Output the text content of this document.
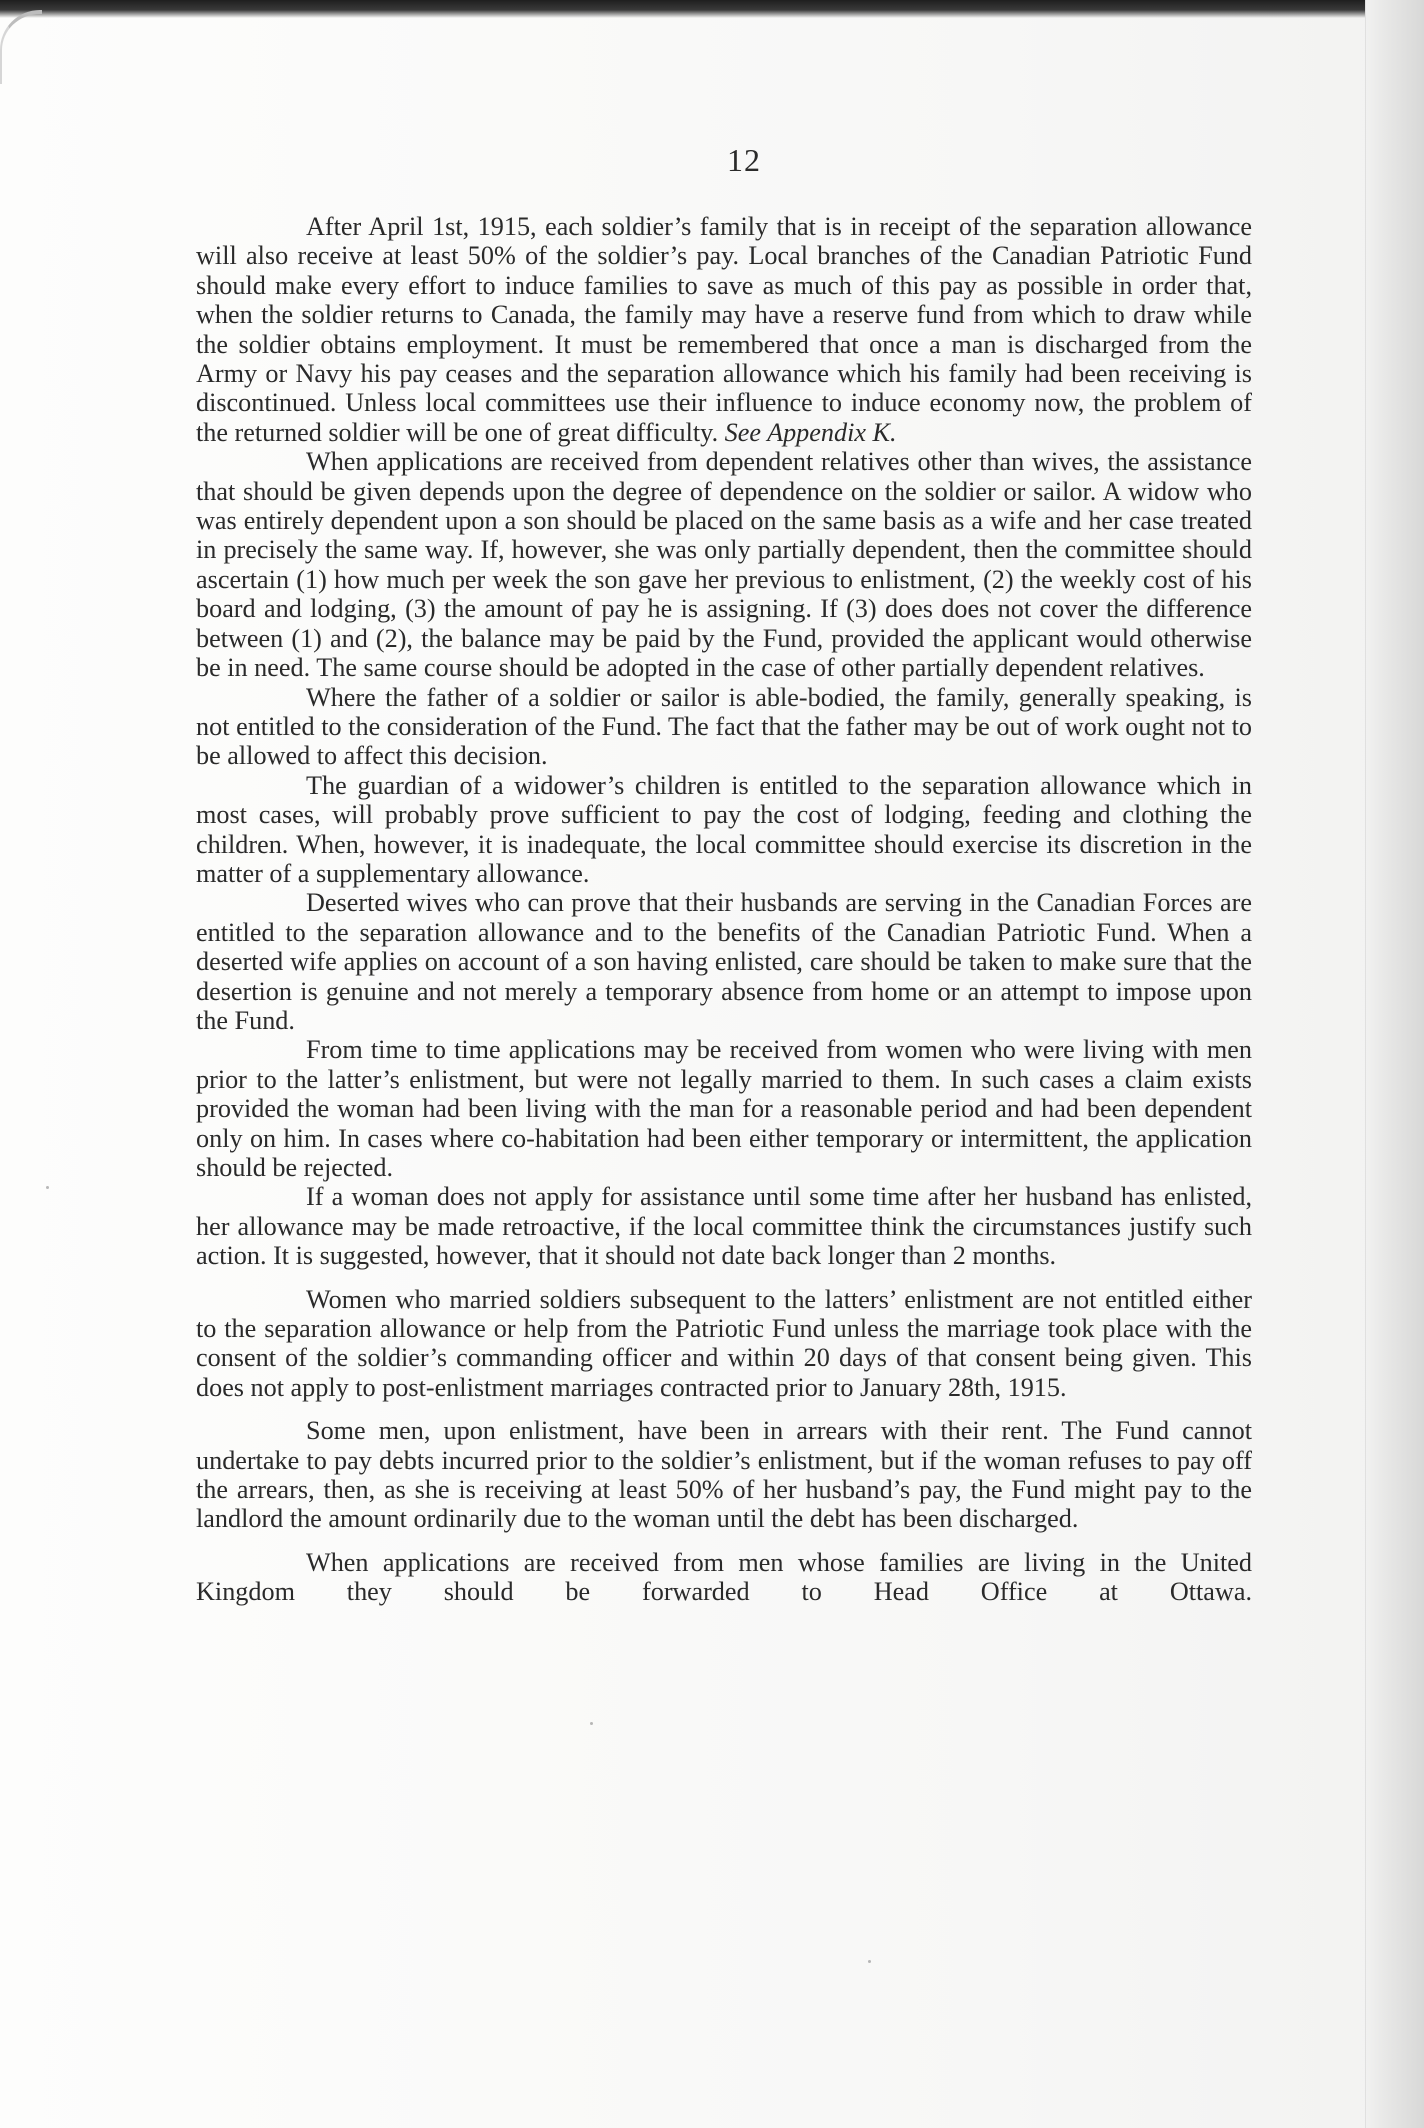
12

After April 1st, 1915, each soldier’s family that is in receipt of the separation allowance will also receive at least 50% of the soldier’s pay. Local branches of the Canadian Patriotic Fund should make every effort to induce families to save as much of this pay as possible in order that, when the soldier returns to Canada, the family may have a reserve fund from which to draw while the soldier obtains employment. It must be remembered that once a man is discharged from the Army or Navy his pay ceases and the separation allowance which his family had been receiving is discontinued. Unless local committees use their influence to induce economy now, the problem of the returned soldier will be one of great difficulty. See Appendix K.

When applications are received from dependent relatives other than wives, the assistance that should be given depends upon the degree of dependence on the soldier or sailor. A widow who was entirely dependent upon a son should be placed on the same basis as a wife and her case treated in precisely the same way. If, however, she was only partially dependent, then the committee should ascertain (1) how much per week the son gave her previous to enlistment, (2) the weekly cost of his board and lodging, (3) the amount of pay he is assigning. If (3) does does not cover the difference between (1) and (2), the balance may be paid by the Fund, provided the applicant would otherwise be in need. The same course should be adopted in the case of other partially dependent relatives.

Where the father of a soldier or sailor is able-bodied, the family, generally speaking, is not entitled to the consideration of the Fund. The fact that the father may be out of work ought not to be allowed to affect this decision.

The guardian of a widower’s children is entitled to the separation allowance which in most cases, will probably prove sufficient to pay the cost of lodging, feeding and clothing the children. When, however, it is inadequate, the local committee should exercise its discretion in the matter of a supplementary allowance.

Deserted wives who can prove that their husbands are serving in the Canadian Forces are entitled to the separation allowance and to the benefits of the Canadian Patriotic Fund. When a deserted wife applies on account of a son having enlisted, care should be taken to make sure that the desertion is genuine and not merely a temporary absence from home or an attempt to impose upon the Fund.

From time to time applications may be received from women who were living with men prior to the latter’s enlistment, but were not legally married to them. In such cases a claim exists provided the woman had been living with the man for a reasonable period and had been dependent only on him. In cases where co-habitation had been either temporary or intermittent, the application should be rejected.

If a woman does not apply for assistance until some time after her husband has enlisted, her allowance may be made retroactive, if the local committee think the circumstances justify such action. It is suggested, however, that it should not date back longer than 2 months.

Women who married soldiers subsequent to the latters’ enlistment are not entitled either to the separation allowance or help from the Patriotic Fund unless the marriage took place with the consent of the soldier’s commanding officer and within 20 days of that consent being given. This does not apply to post-enlistment marriages contracted prior to January 28th, 1915.

Some men, upon enlistment, have been in arrears with their rent. The Fund cannot undertake to pay debts incurred prior to the soldier’s enlistment, but if the woman refuses to pay off the arrears, then, as she is receiving at least 50% of her husband’s pay, the Fund might pay to the landlord the amount ordinarily due to the woman until the debt has been discharged.

When applications are received from men whose families are living in the United Kingdom they should be forwarded to Head Office at Ottawa.
